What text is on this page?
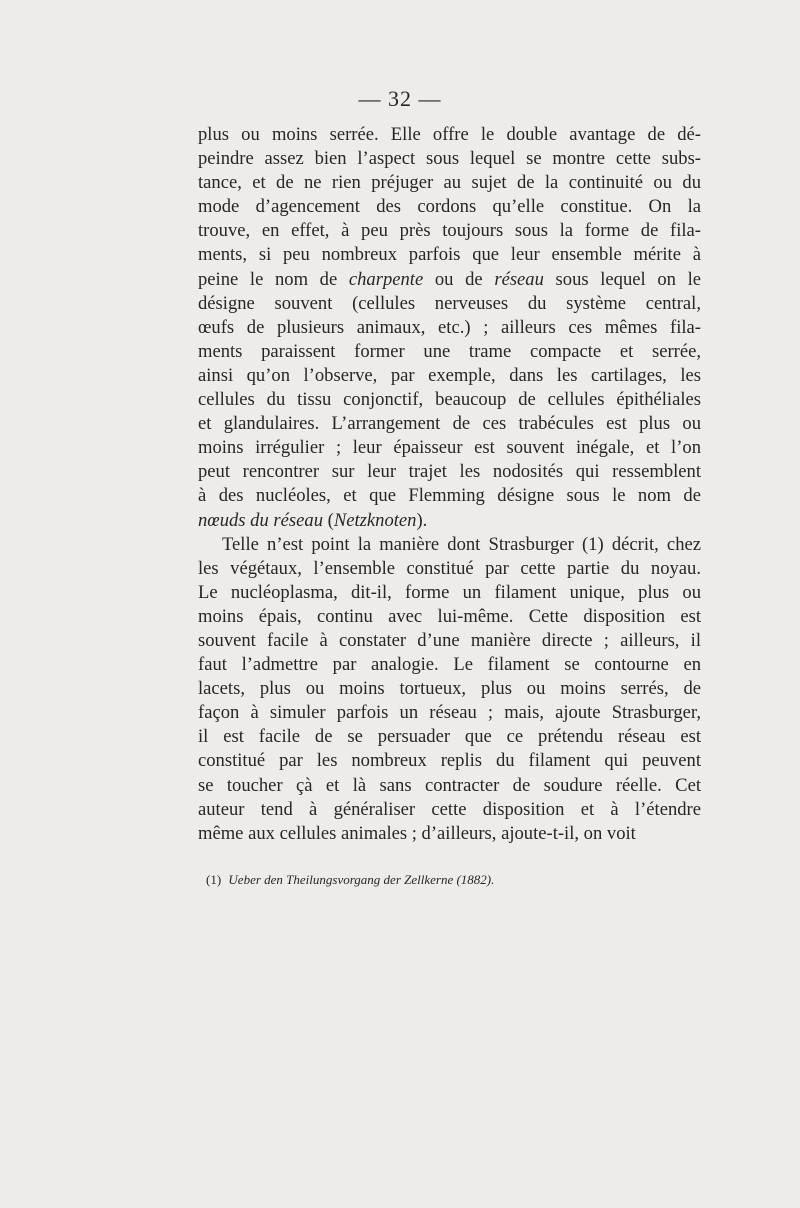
— 32 —
plus ou moins serrée. Elle offre le double avantage de dé-
peindre assez bien l’aspect sous lequel se montre cette subs-
tance, et de ne rien préjuger au sujet de la continuité ou du
mode d’agencement des cordons qu’elle constitue. On la
trouve, en effet, à peu près toujours sous la forme de fila-
ments, si peu nombreux parfois que leur ensemble mérite à
peine le nom de charpente ou de réseau sous lequel on le
désigne souvent (cellules nerveuses du système central,
œufs de plusieurs animaux, etc.) ; ailleurs ces mêmes fila-
ments paraissent former une trame compacte et serrée,
ainsi qu’on l’observe, par exemple, dans les cartilages, les
cellules du tissu conjonctif, beaucoup de cellules épithéliales
et glandulaires. L’arrangement de ces trabécules est plus ou
moins irrégulier ; leur épaisseur est souvent inégale, et l’on
peut rencontrer sur leur trajet les nodosités qui ressemblent
à des nucléoles, et que Flemming désigne sous le nom de
nœuds du réseau (Netzknoten).
Telle n’est point la manière dont Strasburger (1) décrit, chez
les végétaux, l’ensemble constitué par cette partie du noyau.
Le nucléoplasma, dit-il, forme un filament unique, plus ou
moins épais, continu avec lui-même. Cette disposition est
souvent facile à constater d’une manière directe ; ailleurs, il
faut l’admettre par analogie. Le filament se contourne en
lacets, plus ou moins tortueux, plus ou moins serrés, de
façon à simuler parfois un réseau ; mais, ajoute Strasburger,
il est facile de se persuader que ce prétendu réseau est
constitué par les nombreux replis du filament qui peuvent
se toucher çà et là sans contracter de soudure réelle. Cet
auteur tend à généraliser cette disposition et à l’étendre
même aux cellules animales ; d’ailleurs, ajoute-t-il, on voit
(1) Ueber den Theilungsvorgang der Zellkerne (1882).
